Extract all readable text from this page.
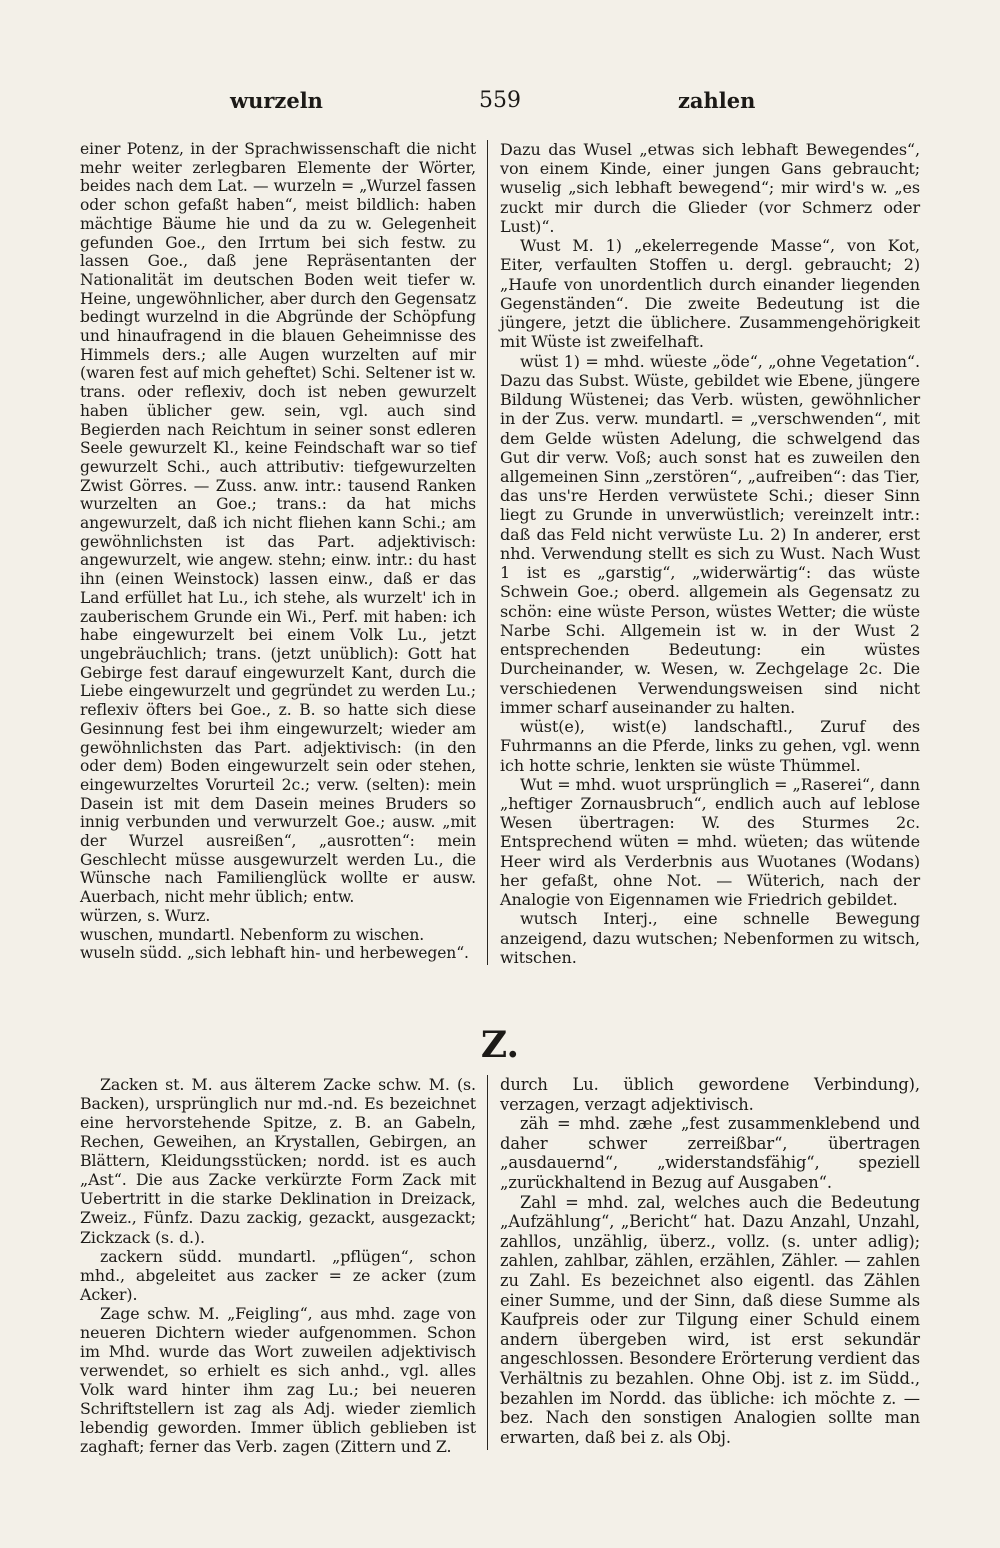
wurzeln	559	zahlen

einer Potenz, in der Sprachwissenschaft die nicht mehr weiter zerlegbaren Elemente der Wörter, beides nach dem Lat. — wurzeln = „Wurzel fassen oder schon gefaßt haben“, meist bildlich: haben mächtige Bäume hie und da zu w. Gelegenheit gefunden Goe., den Irrtum bei sich festw. zu lassen Goe., daß jene Repräsentanten der Nationalität im deutschen Boden weit tiefer w. Heine, ungewöhnlicher, aber durch den Gegensatz bedingt wurzelnd in die Abgründe der Schöpfung und hinaufragend in die blauen Geheimnisse des Himmels ders.; alle Augen wurzelten auf mir (waren fest auf mich geheftet) Schi. Seltener ist w. trans. oder reflexiv, doch ist neben gewurzelt haben üblicher gew. sein, vgl. auch sind Begierden nach Reichtum in seiner sonst edleren Seele gewurzelt Kl., keine Feindschaft war so tief gewurzelt Schi., auch attributiv: tiefgewurzelten Zwist Görres. — Zuss. anw. intr.: tausend Ranken wurzelten an Goe.; trans.: da hat michs angewurzelt, daß ich nicht fliehen kann Schi.; am gewöhnlichsten ist das Part. adjektivisch: angewurzelt, wie angew. stehn; einw. intr.: du hast ihn (einen Weinstock) lassen einw., daß er das Land erfüllet hat Lu., ich stehe, als wurzelt' ich in zauberischem Grunde ein Wi., Perf. mit haben: ich habe eingewurzelt bei einem Volk Lu., jetzt ungebräuchlich; trans. (jetzt unüblich): Gott hat Gebirge fest darauf eingewurzelt Kant, durch die Liebe eingewurzelt und gegründet zu werden Lu.; reflexiv öfters bei Goe., z. B. so hatte sich diese Gesinnung fest bei ihm eingewurzelt; wieder am gewöhnlichsten das Part. adjektivisch: (in den oder dem) Boden eingewurzelt sein oder stehen, eingewurzeltes Vorurteil 2c.; verw. (selten): mein Dasein ist mit dem Dasein meines Bruders so innig verbunden und verwurzelt Goe.; ausw. „mit der Wurzel ausreißen“, „ausrotten“: mein Geschlecht müsse ausgewurzelt werden Lu., die Wünsche nach Familienglück wollte er ausw. Auerbach, nicht mehr üblich; entw.

würzen, s. Wurz.

wuschen, mundartl. Nebenform zu wischen.

wuseln südd. „sich lebhaft hin- und herbewegen“.

Dazu das Wusel „etwas sich lebhaft Bewegendes“, von einem Kinde, einer jungen Gans gebraucht; wuselig „sich lebhaft bewegend“; mir wird's w. „es zuckt mir durch die Glieder (vor Schmerz oder Lust)“.

Wust M. 1) „ekelerregende Masse“, von Kot, Eiter, verfaulten Stoffen u. dergl. gebraucht; 2) „Haufe von unordentlich durch einander liegenden Gegenständen“. Die zweite Bedeutung ist die jüngere, jetzt die üblichere. Zusammengehörigkeit mit Wüste ist zweifelhaft.

wüst 1) = mhd. wüeste „öde“, „ohne Vegetation“. Dazu das Subst. Wüste, gebildet wie Ebene, jüngere Bildung Wüstenei; das Verb. wüsten, gewöhnlicher in der Zus. verw. mundartl. = „verschwenden“, mit dem Gelde wüsten Adelung, die schwelgend das Gut dir verw. Voß; auch sonst hat es zuweilen den allgemeinen Sinn „zerstören“, „aufreiben“: das Tier, das uns're Herden verwüstete Schi.; dieser Sinn liegt zu Grunde in unverwüstlich; vereinzelt intr.: daß das Feld nicht verwüste Lu. 2) In anderer, erst nhd. Verwendung stellt es sich zu Wust. Nach Wust 1 ist es „garstig“, „widerwärtig“: das wüste Schwein Goe.; oberd. allgemein als Gegensatz zu schön: eine wüste Person, wüstes Wetter; die wüste Narbe Schi. Allgemein ist w. in der Wust 2 entsprechenden Bedeutung: ein wüstes Durcheinander, w. Wesen, w. Zechgelage 2c. Die verschiedenen Verwendungsweisen sind nicht immer scharf auseinander zu halten.

wüst(e), wist(e) landschaftl., Zuruf des Fuhrmanns an die Pferde, links zu gehen, vgl. wenn ich hotte schrie, lenkten sie wüste Thümmel.

Wut = mhd. wuot ursprünglich = „Raserei“, dann „heftiger Zornausbruch“, endlich auch auf leblose Wesen übertragen: W. des Sturmes 2c. Entsprechend wüten = mhd. wüeten; das wütende Heer wird als Verderbnis aus Wuotanes (Wodans) her gefaßt, ohne Not. — Wüterich, nach der Analogie von Eigennamen wie Friedrich gebildet.

wutsch Interj., eine schnelle Bewegung anzeigend, dazu wutschen; Nebenformen zu witsch, witschen.

Z.

Zacken st. M. aus älterem Zacke schw. M. (s. Backen), ursprünglich nur md.-nd. Es bezeichnet eine hervorstehende Spitze, z. B. an Gabeln, Rechen, Geweihen, an Krystallen, Gebirgen, an Blättern, Kleidungsstücken; nordd. ist es auch „Ast“. Die aus Zacke verkürzte Form Zack mit Uebertritt in die starke Deklination in Dreizack, Zweiz., Fünfz. Dazu zackig, gezackt, ausgezackt; Zickzack (s. d.).

zackern südd. mundartl. „pflügen“, schon mhd., abgeleitet aus zacker = ze acker (zum Acker).

Zage schw. M. „Feigling“, aus mhd. zage von neueren Dichtern wieder aufgenommen. Schon im Mhd. wurde das Wort zuweilen adjektivisch verwendet, so erhielt es sich anhd., vgl. alles Volk ward hinter ihm zag Lu.; bei neueren Schriftstellern ist zag als Adj. wieder ziemlich lebendig geworden. Immer üblich geblieben ist zaghaft; ferner das Verb. zagen (Zittern und Z.

durch Lu. üblich gewordene Verbindung), verzagen, verzagt adjektivisch.

zäh = mhd. zæhe „fest zusammenklebend und daher schwer zerreißbar“, übertragen „ausdauernd“, „widerstandsfähig“, speziell „zurückhaltend in Bezug auf Ausgaben“.

Zahl = mhd. zal, welches auch die Bedeutung „Aufzählung“, „Bericht“ hat. Dazu Anzahl, Unzahl, zahllos, unzählig, überz., vollz. (s. unter adlig); zahlen, zahlbar, zählen, erzählen, Zähler. — zahlen zu Zahl. Es bezeichnet also eigentl. das Zählen einer Summe, und der Sinn, daß diese Summe als Kaufpreis oder zur Tilgung einer Schuld einem andern übergeben wird, ist erst sekundär angeschlossen. Besondere Erörterung verdient das Verhältnis zu bezahlen. Ohne Obj. ist z. im Südd., bezahlen im Nordd. das übliche: ich möchte z. — bez. Nach den sonstigen Analogien sollte man erwarten, daß bei z. als Obj.
